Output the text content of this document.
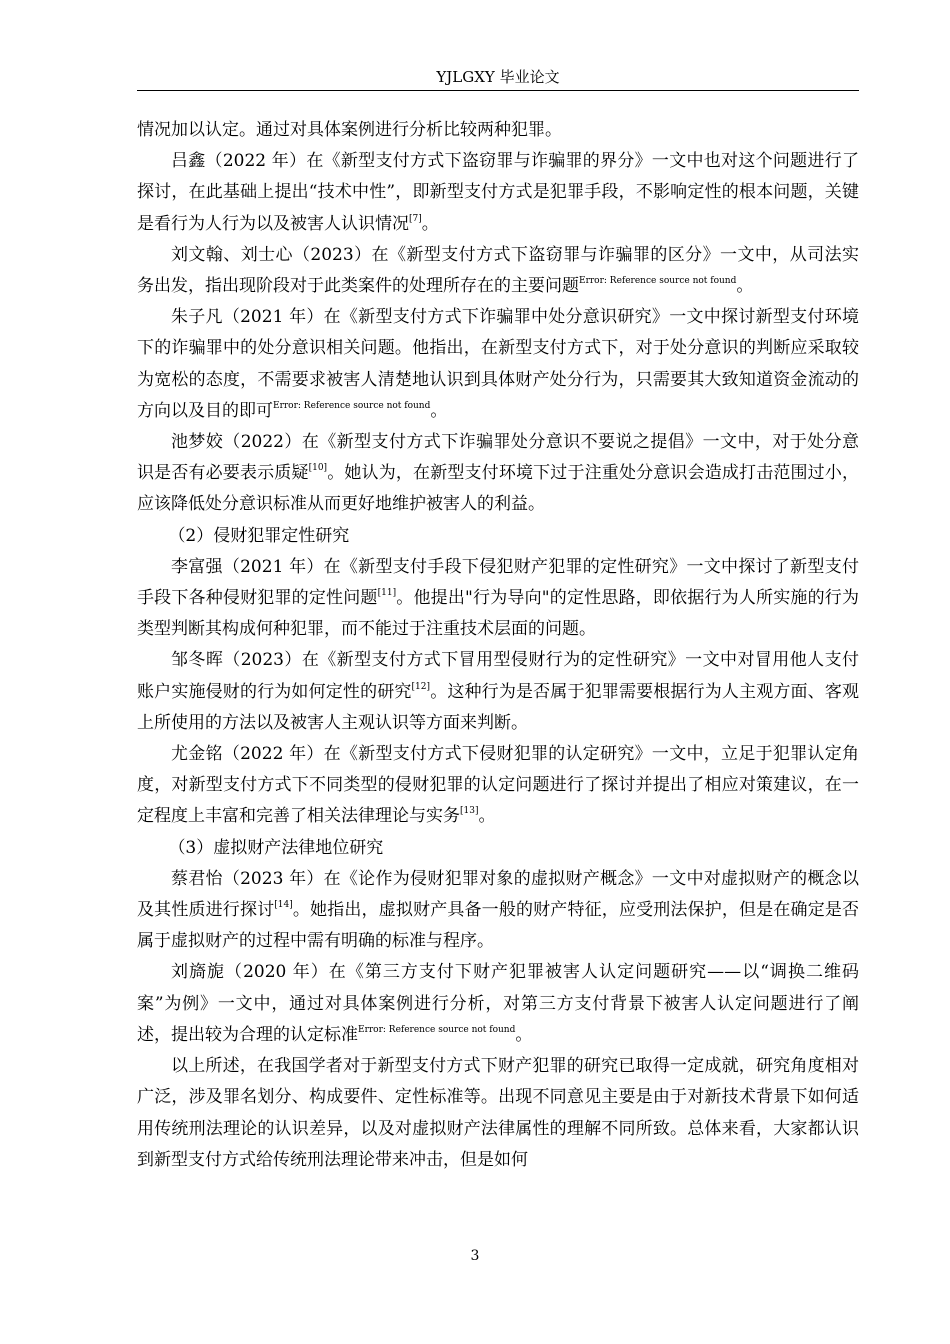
YJLGXY 毕业论文

情况加以认定。通过对具体案例进行分析比较两种犯罪。

吕鑫（2022 年）在《新型支付方式下盗窃罪与诈骗罪的界分》一文中也对这个问题进行了探讨，在此基础上提出“技术中性”，即新型支付方式是犯罪手段，不影响定性的根本问题，关键是看行为人行为以及被害人认识情况[7]。

刘文翰、刘士心（2023）在《新型支付方式下盗窃罪与诈骗罪的区分》一文中，从司法实务出发，指出现阶段对于此类案件的处理所存在的主要问题$^{Error: Reference source not found}$。

朱子凡（2021 年）在《新型支付方式下诈骗罪中处分意识研究》一文中探讨新型支付环境下的诈骗罪中的处分意识相关问题。他指出，在新型支付方式下，对于处分意识的判断应采取较为宽松的态度，不需要求被害人清楚地认识到具体财产处分行为，只需要其大致知道资金流动的方向以及目的即可$^{Error: Reference source not found}$。

池梦姣（2022）在《新型支付方式下诈骗罪处分意识不要说之提倡》一文中，对于处分意识是否有必要表示质疑[10]。她认为，在新型支付环境下过于注重处分意识会造成打击范围过小，应该降低处分意识标准从而更好地维护被害人的利益。

（2）侵财犯罪定性研究

李富强（2021 年）在《新型支付手段下侵犯财产犯罪的定性研究》一文中探讨了新型支付手段下各种侵财犯罪的定性问题[11]。他提出"行为导向"的定性思路，即依据行为人所实施的行为类型判断其构成何种犯罪，而不能过于注重技术层面的问题。

邹冬晖（2023）在《新型支付方式下冒用型侵财行为的定性研究》一文中对冒用他人支付账户实施侵财的行为如何定性的研究[12]。这种行为是否属于犯罪需要根据行为人主观方面、客观上所使用的方法以及被害人主观认识等方面来判断。

尤金铭（2022 年）在《新型支付方式下侵财犯罪的认定研究》一文中，立足于犯罪认定角度，对新型支付方式下不同类型的侵财犯罪的认定问题进行了探讨并提出了相应对策建议，在一定程度上丰富和完善了相关法律理论与实务[13]。

（3）虚拟财产法律地位研究

蔡君怡（2023 年）在《论作为侵财犯罪对象的虚拟财产概念》一文中对虚拟财产的概念以及其性质进行探讨[14]。她指出，虚拟财产具备一般的财产特征，应受刑法保护，但是在确定是否属于虚拟财产的过程中需有明确的标准与程序。

刘旖旎（2020 年）在《第三方支付下财产犯罪被害人认定问题研究——以“调换二维码案”为例》一文中，通过对具体案例进行分析，对第三方支付背景下被害人认定问题进行了阐述，提出较为合理的认定标准$^{Error: Reference source not found}$。

以上所述，在我国学者对于新型支付方式下财产犯罪的研究已取得一定成就，研究角度相对广泛，涉及罪名划分、构成要件、定性标准等。出现不同意见主要是由于对新技术背景下如何适用传统刑法理论的认识差异，以及对虚拟财产法律属性的理解不同所致。总体来看，大家都认识到新型支付方式给传统刑法理论带来冲击，但是如何

3
